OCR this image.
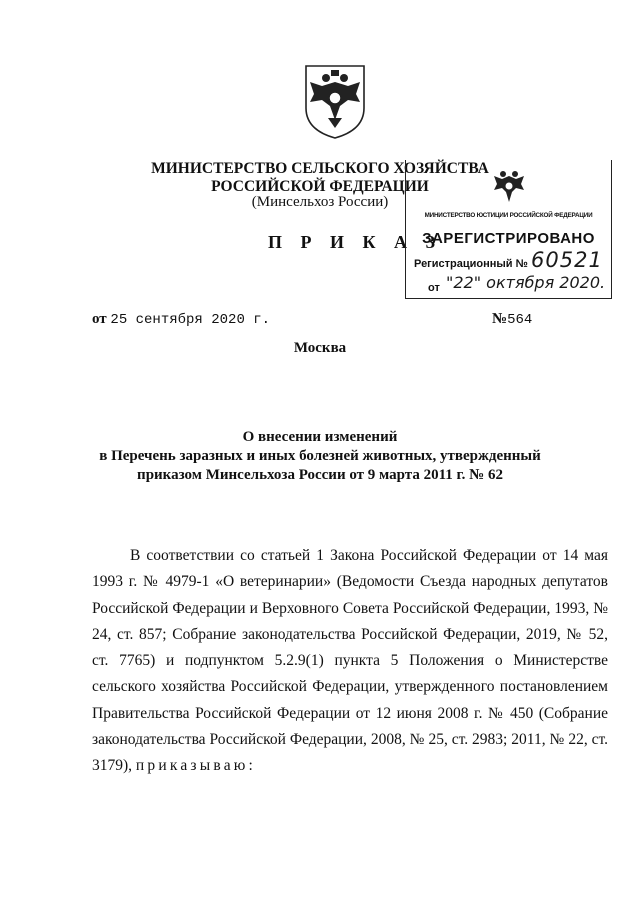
МИНИСТЕРСТВО СЕЛЬСКОГО ХОЗЯЙСТВА
РОССИЙСКОЙ ФЕДЕРАЦИИ
(Минсельхоз России)
П Р И К А З
МИНИСТЕРСТВО ЮСТИЦИИ РОССИЙСКОЙ ФЕДЕРАЦИИ
ЗАРЕГИСТРИРОВАНО
Регистрационный № 60521
от "22" октября 2020.
от 25 сентября 2020 г.	№564
Москва
О внесении изменений
в Перечень заразных и иных болезней животных, утвержденный
приказом Минсельхоза России от 9 марта 2011 г. № 62
В соответствии со статьей 1 Закона Российской Федерации от 14 мая 1993 г. № 4979-1 «О ветеринарии» (Ведомости Съезда народных депутатов Российской Федерации и Верховного Совета Российской Федерации, 1993, № 24, ст. 857; Собрание законодательства Российской Федерации, 2019, № 52, ст. 7765) и подпунктом 5.2.9(1) пункта 5 Положения о Министерстве сельского хозяйства Российской Федерации, утвержденного постановлением Правительства Российской Федерации от 12 июня 2008 г. № 450 (Собрание законодательства Российской Федерации, 2008, № 25, ст. 2983; 2011, № 22, ст. 3179), приказываю:
